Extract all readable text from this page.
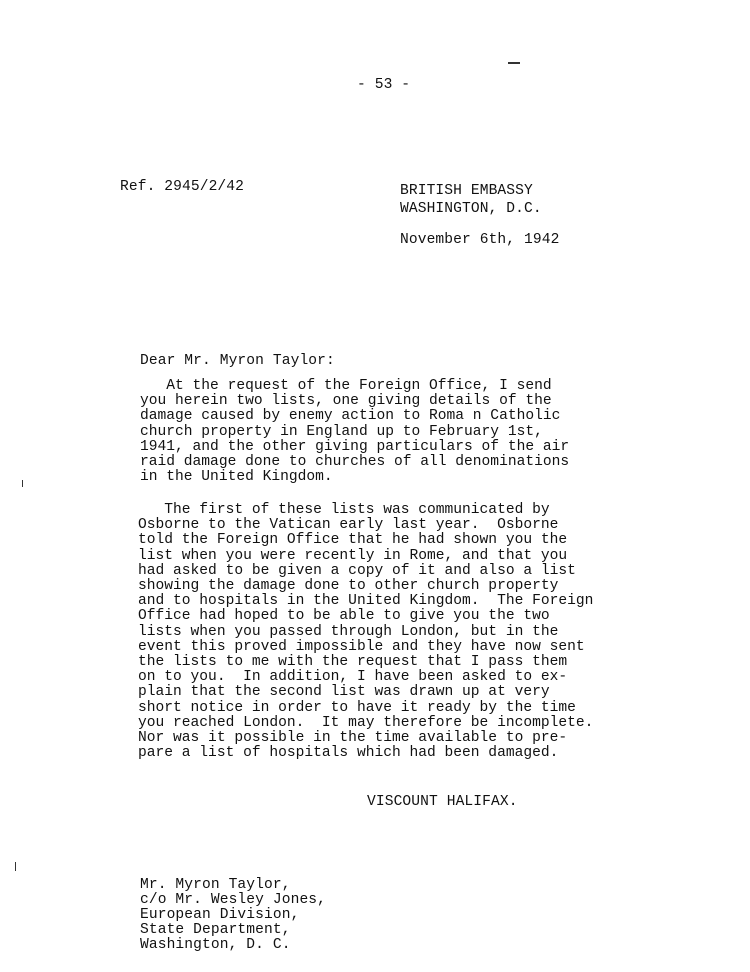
- 53 -
Ref. 2945/2/42	BRITISH EMBASSY
WASHINGTON, D.C.
November 6th, 1942
Dear Mr. Myron Taylor:
At the request of the Foreign Office, I send
you herein two lists, one giving details of the
damage caused by enemy action to Roma n Catholic
church property in England up to February 1st,
1941, and the other giving particulars of the air
raid damage done to churches of all denominations
in the United Kingdom.
The first of these lists was communicated by
Osborne to the Vatican early last year.  Osborne
told the Foreign Office that he had shown you the
list when you were recently in Rome, and that you
had asked to be given a copy of it and also a list
showing the damage done to other church property
and to hospitals in the United Kingdom.  The Foreign
Office had hoped to be able to give you the two
lists when you passed through London, but in the
event this proved impossible and they have now sent
the lists to me with the request that I pass them
on to you.  In addition, I have been asked to ex-
plain that the second list was drawn up at very
short notice in order to have it ready by the time
you reached London.  It may therefore be incomplete.
Nor was it possible in the time available to pre-
pare a list of hospitals which had been damaged.
VISCOUNT HALIFAX.
Mr. Myron Taylor,
c/o Mr. Wesley Jones,
European Division,
State Department,
Washington, D. C.
